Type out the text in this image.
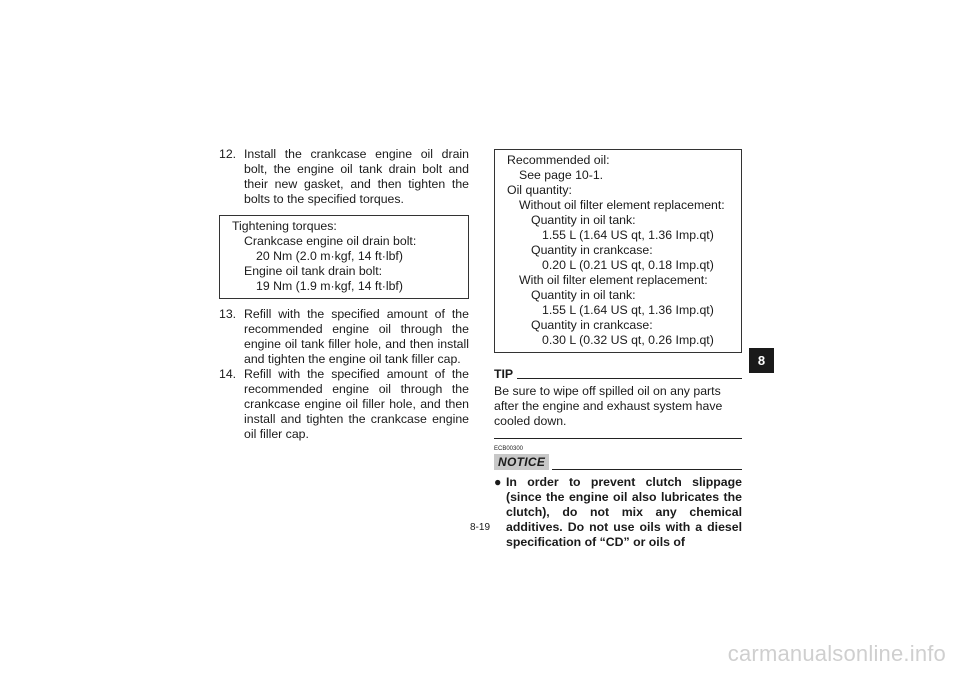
12. Install the crankcase engine oil drain bolt, the engine oil tank drain bolt and their new gasket, and then tighten the bolts to the specified torques.
Tightening torques:
Crankcase engine oil drain bolt:
20 Nm (2.0 m·kgf, 14 ft·lbf)
Engine oil tank drain bolt:
19 Nm (1.9 m·kgf, 14 ft·lbf)
13. Refill with the specified amount of the recommended engine oil through the engine oil tank filler hole, and then install and tighten the engine oil tank filler cap.
14. Refill with the specified amount of the recommended engine oil through the crankcase engine oil filler hole, and then install and tighten the crankcase engine oil filler cap.
Recommended oil:
See page 10-1.
Oil quantity:
Without oil filter element replacement:
Quantity in oil tank:
1.55 L (1.64 US qt, 1.36 Imp.qt)
Quantity in crankcase:
0.20 L (0.21 US qt, 0.18 Imp.qt)
With oil filter element replacement:
Quantity in oil tank:
1.55 L (1.64 US qt, 1.36 Imp.qt)
Quantity in crankcase:
0.30 L (0.32 US qt, 0.26 Imp.qt)
TIP
Be sure to wipe off spilled oil on any parts after the engine and exhaust system have cooled down.
ECB00300
NOTICE
● In order to prevent clutch slippage (since the engine oil also lubricates the clutch), do not mix any chemical additives. Do not use oils with a diesel specification of “CD” or oils of
8
8-19
carmanualsonline.info
